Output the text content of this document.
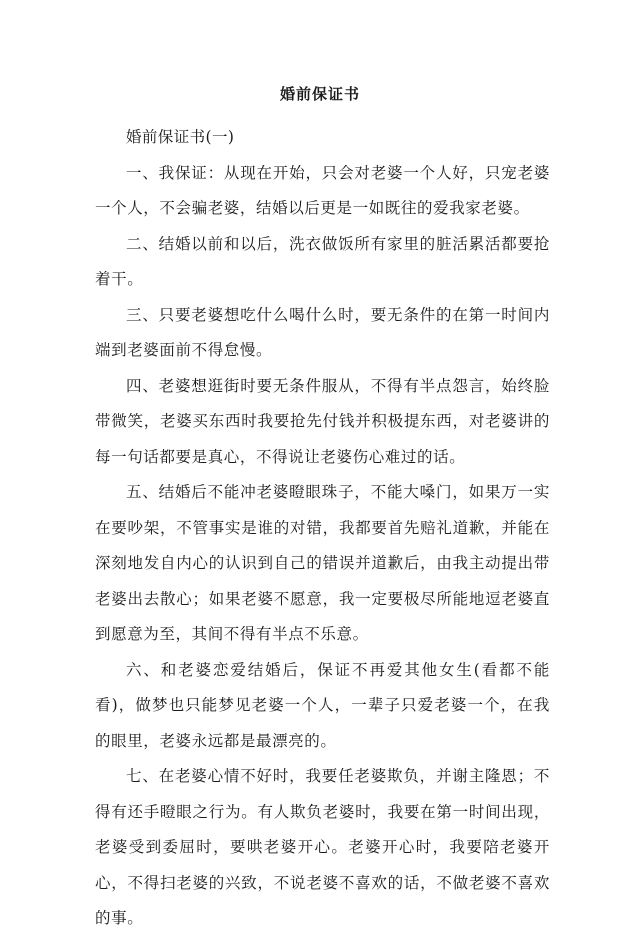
婚前保证书

婚前保证书(一)

一、我保证：从现在开始，只会对老婆一个人好，只宠老婆一个人，不会骗老婆，结婚以后更是一如既往的爱我家老婆。

二、结婚以前和以后，洗衣做饭所有家里的脏活累活都要抢着干。

三、只要老婆想吃什么喝什么时，要无条件的在第一时间内端到老婆面前不得怠慢。

四、老婆想逛街时要无条件服从，不得有半点怨言，始终脸带微笑，老婆买东西时我要抢先付钱并积极提东西，对老婆讲的每一句话都要是真心，不得说让老婆伤心难过的话。

五、结婚后不能冲老婆瞪眼珠子，不能大嗓门，如果万一实在要吵架，不管事实是谁的对错，我都要首先赔礼道歉，并能在深刻地发自内心的认识到自己的错误并道歉后，由我主动提出带老婆出去散心；如果老婆不愿意，我一定要极尽所能地逗老婆直到愿意为至，其间不得有半点不乐意。

六、和老婆恋爱结婚后，保证不再爱其他女生(看都不能看)，做梦也只能梦见老婆一个人，一辈子只爱老婆一个，在我的眼里，老婆永远都是最漂亮的。

七、在老婆心情不好时，我要任老婆欺负，并谢主隆恩；不得有还手瞪眼之行为。有人欺负老婆时，我要在第一时间出现，老婆受到委屈时，要哄老婆开心。老婆开心时，我要陪老婆开心，不得扫老婆的兴致，不说老婆不喜欢的话，不做老婆不喜欢的事。
